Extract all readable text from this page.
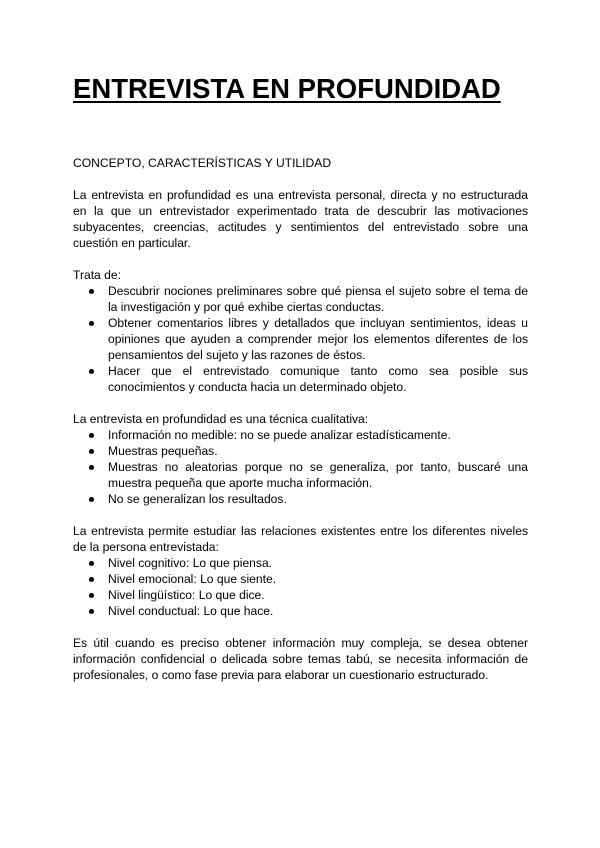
ENTREVISTA EN PROFUNDIDAD

CONCEPTO, CARACTERÍSTICAS Y UTILIDAD

La entrevista en profundidad es una entrevista personal, directa y no estructurada en la que un entrevistador experimentado trata de descubrir las motivaciones subyacentes, creencias, actitudes y sentimientos del entrevistado sobre una cuestión en particular.

Trata de:

Descubrir nociones preliminares sobre qué piensa el sujeto sobre el tema de la investigación y por qué exhibe ciertas conductas.
Obtener comentarios libres y detallados que incluyan sentimientos, ideas u opiniones que ayuden a comprender mejor los elementos diferentes de los pensamientos del sujeto y las razones de éstos.
Hacer que el entrevistado comunique tanto como sea posible sus conocimientos y conducta hacia un determinado objeto.

La entrevista en profundidad es una técnica cualitativa:

Información no medible: no se puede analizar estadísticamente.
Muestras pequeñas.
Muestras no aleatorias porque no se generaliza, por tanto, buscaré una muestra pequeña que aporte mucha información.
No se generalizan los resultados.

La entrevista permite estudiar las relaciones existentes entre los diferentes niveles de la persona entrevistada:

Nivel cognitivo: Lo que piensa.
Nivel emocional: Lo que siente.
Nivel lingüístico: Lo que dice.
Nivel conductual: Lo que hace.

Es útil cuando es preciso obtener información muy compleja, se desea obtener información confidencial o delicada sobre temas tabú, se necesita información de profesionales, o como fase previa para elaborar un cuestionario estructurado.
